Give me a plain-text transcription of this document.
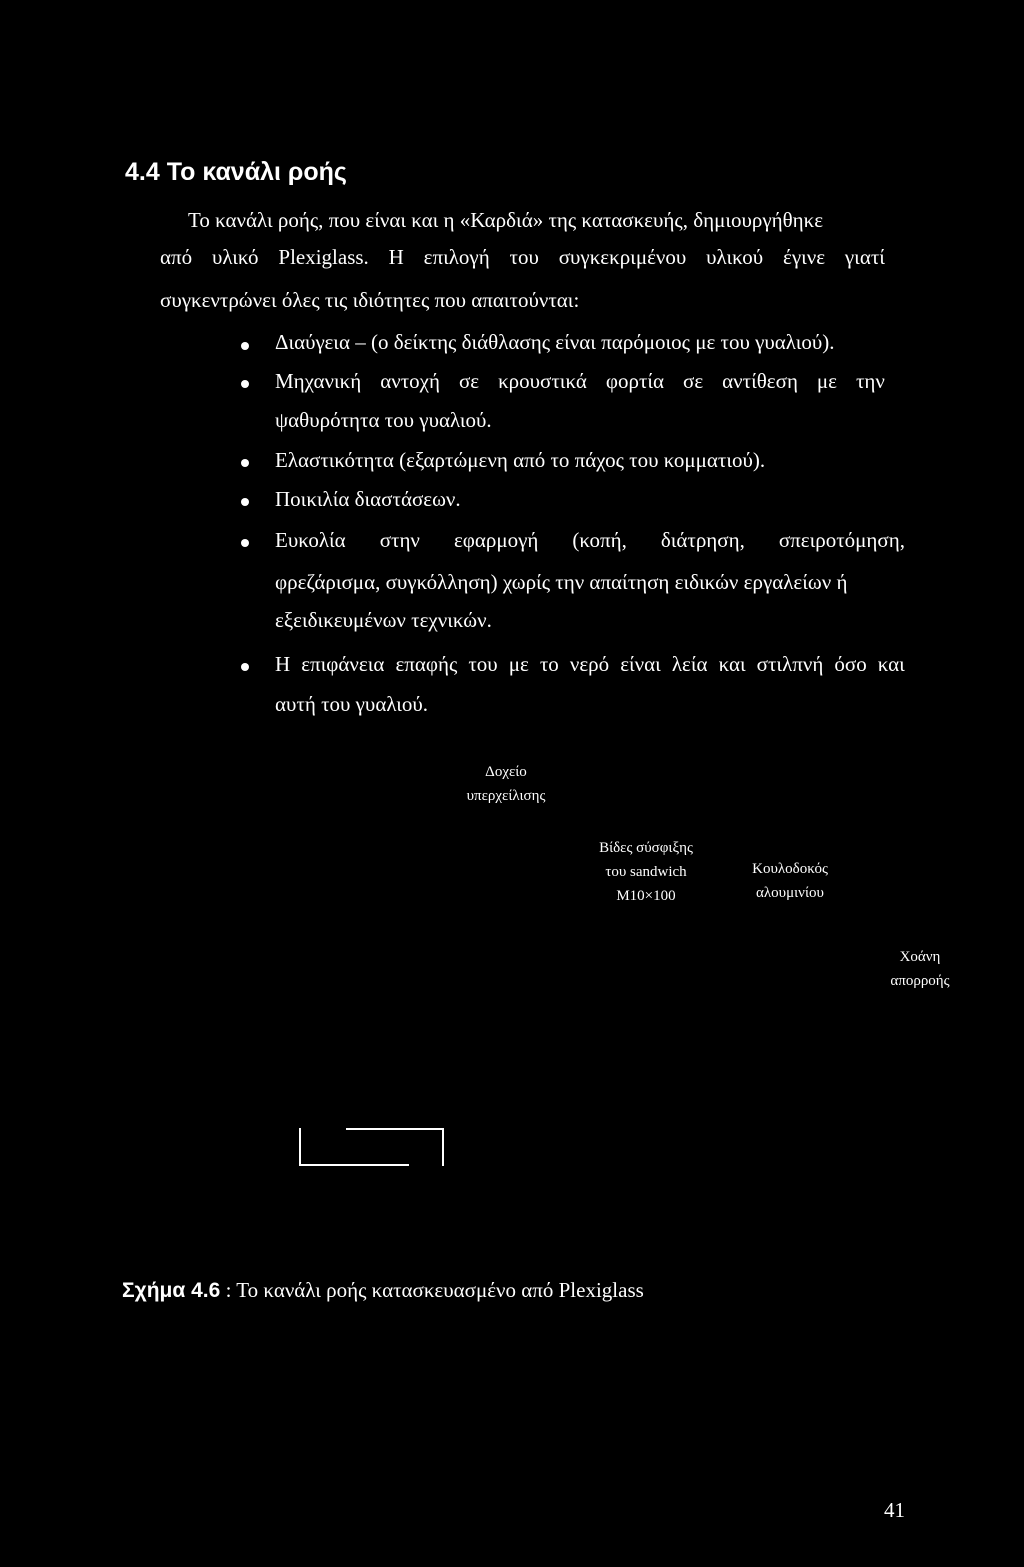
4.4 Το κανάλι ροής
Το κανάλι ροής, που είναι και η «Καρδιά» της κατασκευής, δημιουργήθηκε
από υλικό Plexiglass. Η επιλογή του συγκεκριμένου υλικού έγινε γιατί
συγκεντρώνει όλες τις ιδιότητες που απαιτούνται:
Διαύγεια – (ο δείκτης διάθλασης είναι παρόμοιος με του γυαλιού).
Μηχανική αντοχή σε κρουστικά φορτία σε αντίθεση με την
ψαθυρότητα του γυαλιού.
Ελαστικότητα (εξαρτώμενη από το πάχος του κομματιού).
Ποικιλία διαστάσεων.
Ευκολία στην εφαρμογή (κοπή, διάτρηση, σπειροτόμηση,
φρεζάρισμα, συγκόλληση) χωρίς την απαίτηση ειδικών εργαλείων ή
εξειδικευμένων τεχνικών.
Η επιφάνεια επαφής του με το νερό είναι λεία και στιλπνή όσο και
αυτή του γυαλιού.
Δοχείο
υπερχείλισης
Βίδες σύσφιξης
του sandwich
M10×100
Κουλοδοκός
αλουμινίου
Χοάνη
απορροής
Σχήμα 4.6 : Το κανάλι ροής κατασκευασμένο από Plexiglass
41
